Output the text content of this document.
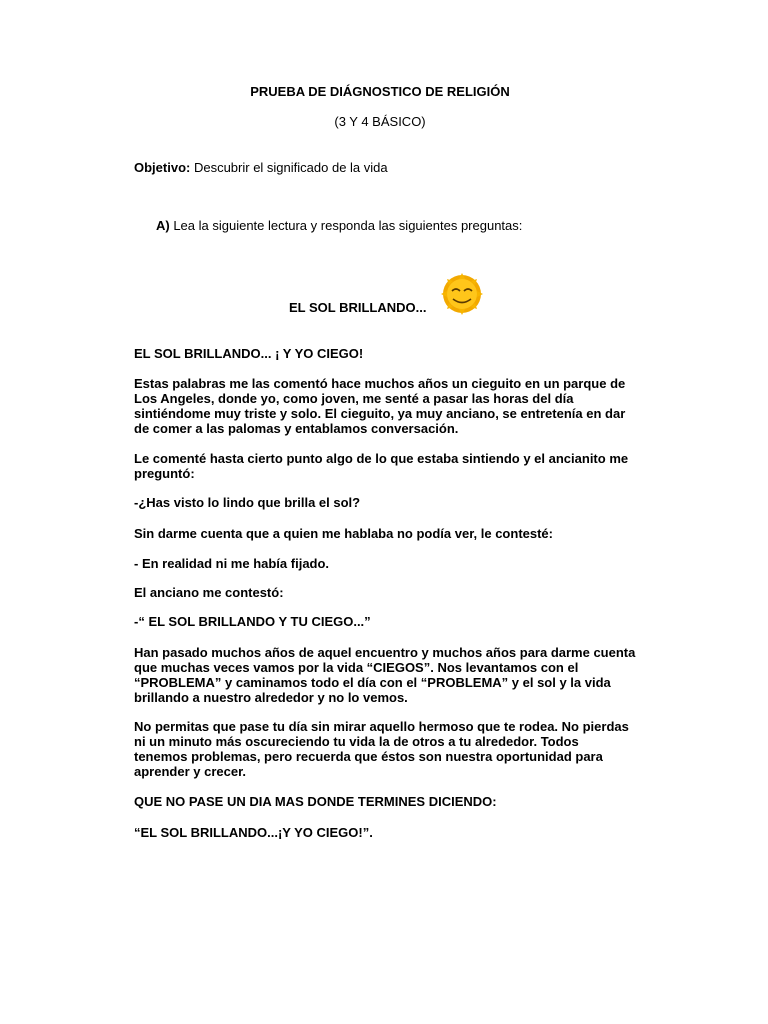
PRUEBA DE DIÁGNOSTICO DE RELIGIÓN
(3 Y 4 BÁSICO)
Objetivo: Descubrir el significado de la vida
A) Lea la siguiente lectura y responda las siguientes preguntas:
EL SOL BRILLANDO...
EL SOL BRILLANDO... ¡ Y YO CIEGO!
Estas palabras me las comentó hace muchos años un cieguito en un parque de
Los Angeles, donde yo, como joven, me senté a pasar las horas del día
sintiéndome muy triste y solo. El cieguito, ya muy anciano, se entretenía en dar
de comer a las palomas y entablamos conversación.
Le comenté hasta cierto punto algo de lo que estaba sintiendo y el ancianito me
preguntó:
-¿Has visto lo lindo que brilla el sol?
Sin darme cuenta que a quien me hablaba no podía ver, le contesté:
- En realidad ni me había fijado.
El anciano me contestó:
-“ EL SOL BRILLANDO Y TU CIEGO...”
Han pasado muchos años de aquel encuentro y muchos años para darme cuenta
que muchas veces vamos por la vida “CIEGOS”. Nos levantamos con el
“PROBLEMA” y caminamos todo el día con el “PROBLEMA” y el sol y la vida
brillando a nuestro alrededor y no lo vemos.
No permitas que pase tu día sin mirar aquello hermoso que te rodea. No pierdas
ni un minuto más oscureciendo tu vida la de otros a tu alrededor. Todos
tenemos problemas, pero recuerda que éstos son nuestra oportunidad para
aprender y crecer.
QUE NO PASE UN DIA MAS DONDE TERMINES DICIENDO:
“EL SOL BRILLANDO...¡Y YO CIEGO!”.
